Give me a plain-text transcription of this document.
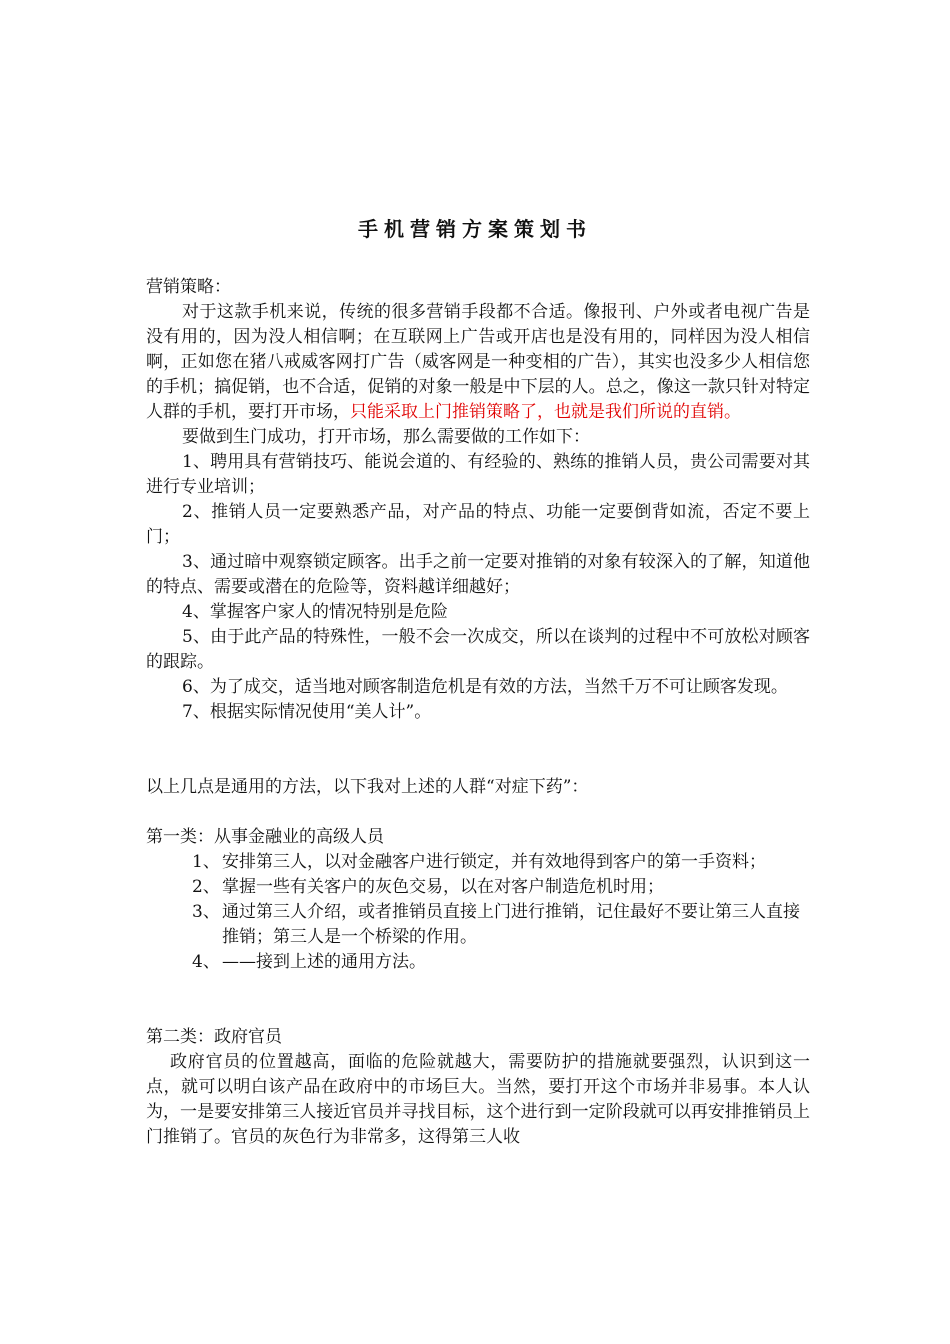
手机营销方案策划书

营销策略：

对于这款手机来说，传统的很多营销手段都不合适。像报刊、户外或者电视广告是没有用的，因为没人相信啊；在互联网上广告或开店也是没有用的，同样因为没人相信啊，正如您在猪八戒威客网打广告（威客网是一种变相的广告），其实也没多少人相信您的手机；搞促销，也不合适，促销的对象一般是中下层的人。总之，像这一款只针对特定人群的手机，要打开市场，只能采取上门推销策略了，也就是我们所说的直销。

要做到生门成功，打开市场，那么需要做的工作如下：

1、聘用具有营销技巧、能说会道的、有经验的、熟练的推销人员，贵公司需要对其进行专业培训；

2、推销人员一定要熟悉产品，对产品的特点、功能一定要倒背如流，否定不要上门；

3、通过暗中观察锁定顾客。出手之前一定要对推销的对象有较深入的了解，知道他的特点、需要或潜在的危险等，资料越详细越好；

4、掌握客户家人的情况特别是危险

5、由于此产品的特殊性，一般不会一次成交，所以在谈判的过程中不可放松对顾客的跟踪。

6、为了成交，适当地对顾客制造危机是有效的方法，当然千万不可让顾客发现。

7、根据实际情况使用“美人计”。

以上几点是通用的方法，以下我对上述的人群“对症下药”：

第一类：从事金融业的高级人员

1、 安排第三人，以对金融客户进行锁定，并有效地得到客户的第一手资料；
2、 掌握一些有关客户的灰色交易，以在对客户制造危机时用；
3、 通过第三人介绍，或者推销员直接上门进行推销，记住最好不要让第三人直接推销；第三人是一个桥梁的作用。
4、 ——接到上述的通用方法。

第二类：政府官员

政府官员的位置越高，面临的危险就越大，需要防护的措施就要强烈，认识到这一点，就可以明白该产品在政府中的市场巨大。当然，要打开这个市场并非易事。本人认为，一是要安排第三人接近官员并寻找目标，这个进行到一定阶段就可以再安排推销员上门推销了。官员的灰色行为非常多，这得第三人收
